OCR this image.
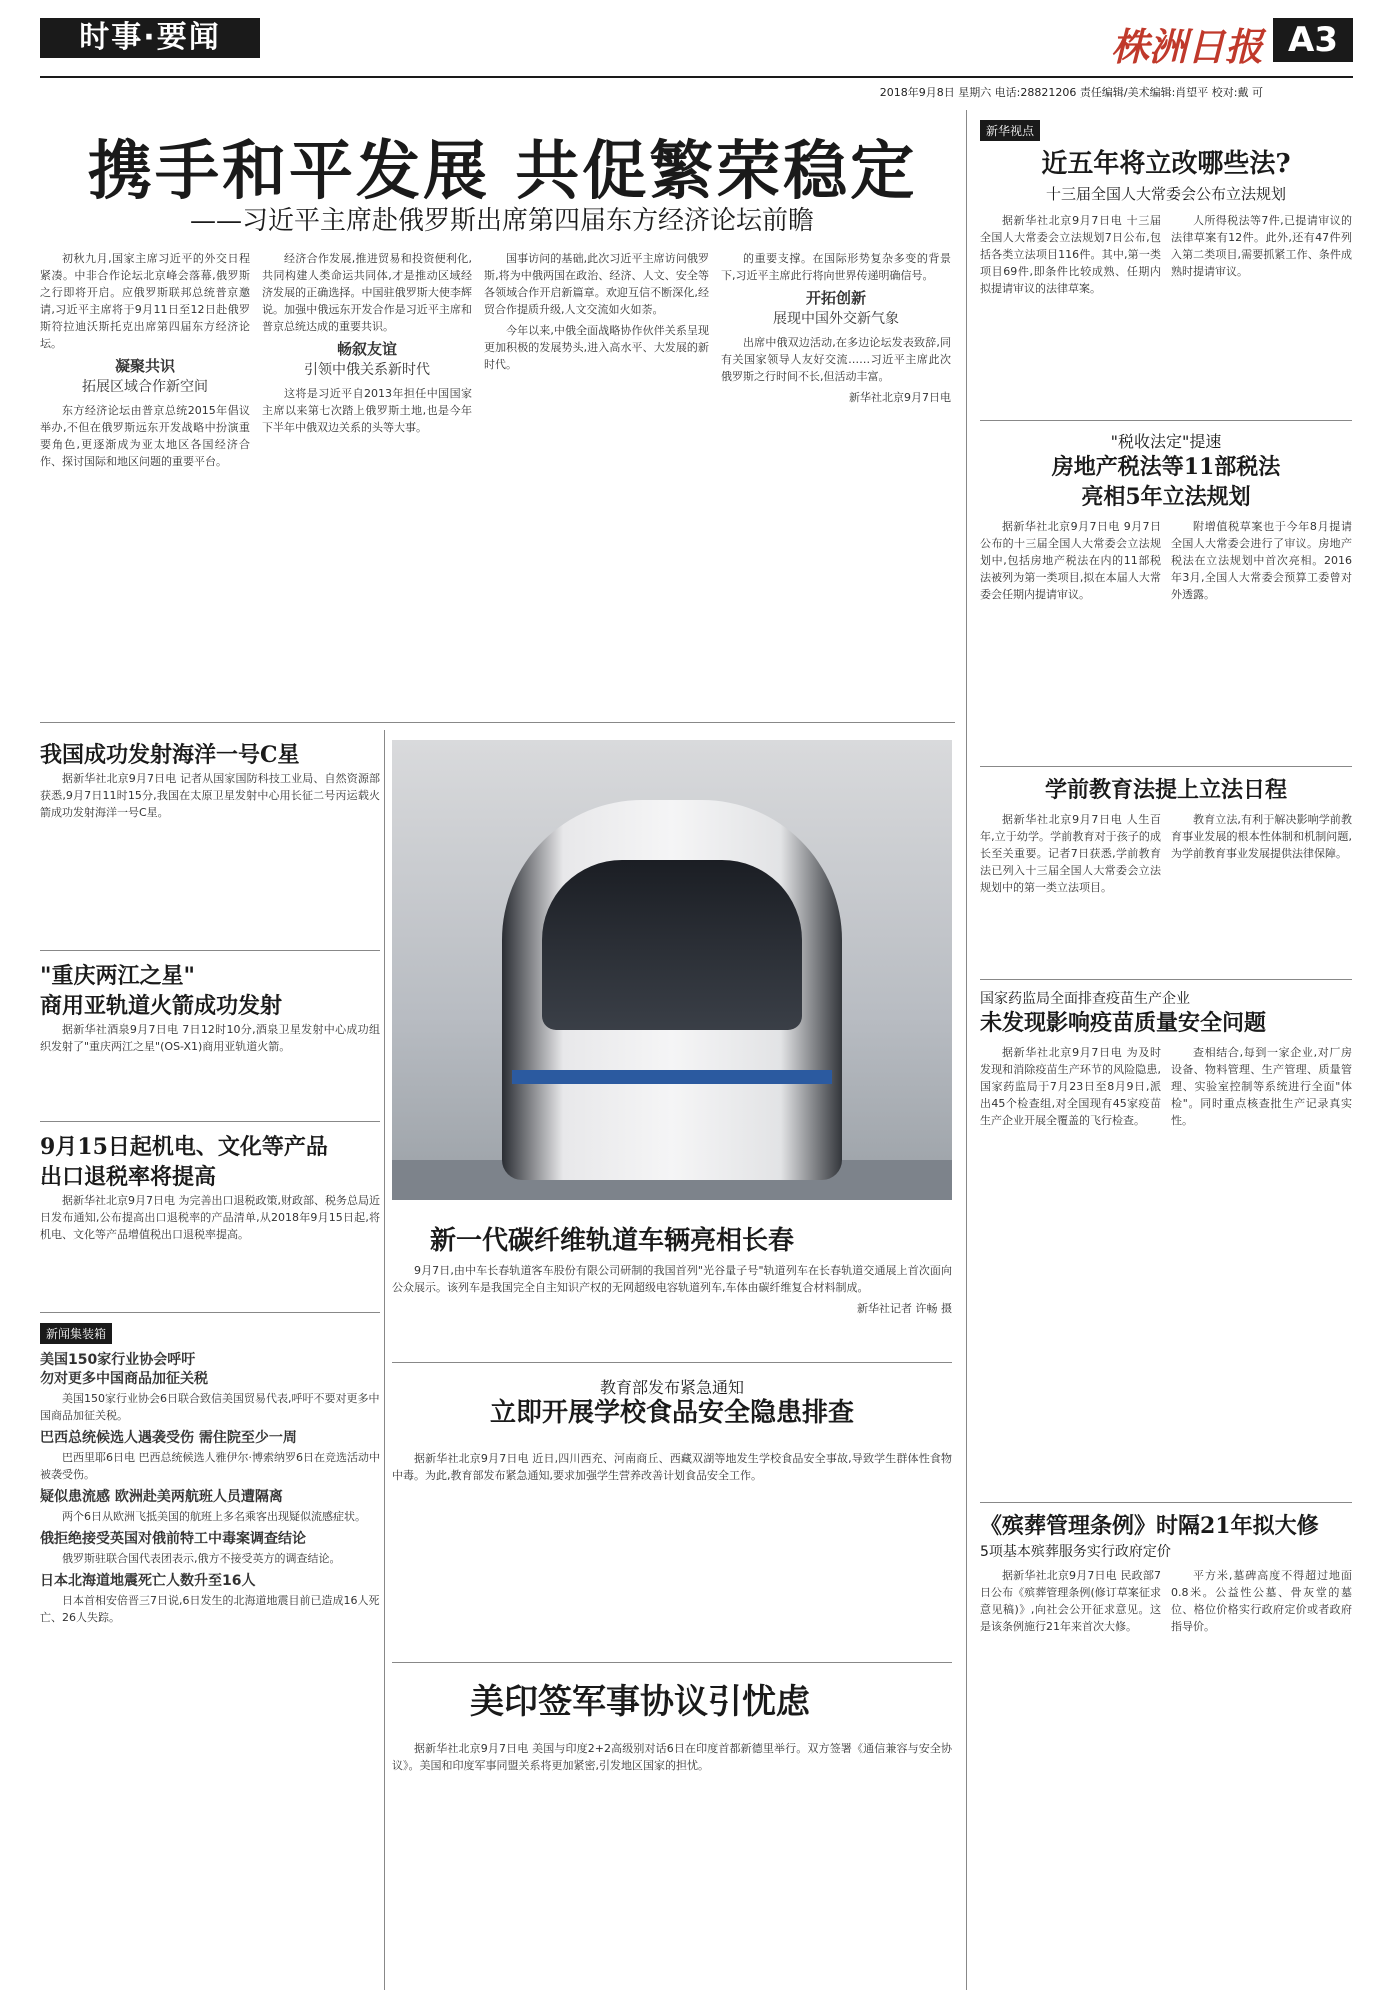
时事·要闻	株洲日报 A3
2018年9月8日 星期六 电话:28821206 责任编辑/美术编辑:肖望平 校对:戴 可
携手和平发展 共促繁荣稳定
——习近平主席赴俄罗斯出席第四届东方经济论坛前瞻

初秋九月,国家主席习近平的外交日程紧凑。中非合作论坛北京峰会落幕,俄罗斯之行即将开启。应俄罗斯联邦总统普京邀请,习近平主席将于9月11日至12日赴俄罗斯符拉迪沃斯托克出席第四届东方经济论坛。

凝聚共识
拓展区域合作新空间

东方经济论坛由普京总统2015年倡议举办,不但在俄罗斯远东开发战略中扮演重要角色,更逐渐成为亚太地区各国经济合作、探讨国际和地区问题的重要平台。

经济合作发展,推进贸易和投资便利化,共同构建人类命运共同体,才是推动区域经济发展的正确选择。中国驻俄罗斯大使李辉说。加强中俄远东开发合作是习近平主席和普京总统达成的重要共识。

畅叙友谊
引领中俄关系新时代

这将是习近平自2013年担任中国国家主席以来第七次踏上俄罗斯土地,也是今年下半年中俄双边关系的头等大事。

国事访问的基础,此次习近平主席访问俄罗斯,将为中俄两国在政治、经济、人文、安全等各领域合作开启新篇章。欢迎互信不断深化,经贸合作提质升级,人文交流如火如荼。

今年以来,中俄全面战略协作伙伴关系呈现更加积极的发展势头,进入高水平、大发展的新时代。

的重要支撑。在国际形势复杂多变的背景下,习近平主席此行将向世界传递明确信号。

开拓创新
展现中国外交新气象

出席中俄双边活动,在多边论坛发表致辞,同有关国家领导人友好交流……习近平主席此次俄罗斯之行时间不长,但活动丰富。

新华社北京9月7日电
新华视点
近五年将立改哪些法?
十三届全国人大常委会公布立法规划

据新华社北京9月7日电 十三届全国人大常委会立法规划7日公布,包括各类立法项目116件。其中,第一类项目69件,即条件比较成熟、任期内拟提请审议的法律草案。

人所得税法等7件,已提请审议的法律草案有12件。此外,还有47件列入第二类项目,需要抓紧工作、条件成熟时提请审议。

"税收法定"提速
房地产税法等11部税法
亮相5年立法规划

据新华社北京9月7日电 9月7日公布的十三届全国人大常委会立法规划中,包括房地产税法在内的11部税法被列为第一类项目,拟在本届人大常委会任期内提请审议。

附增值税草案也于今年8月提请全国人大常委会进行了审议。房地产税法在立法规划中首次亮相。2016年3月,全国人大常委会预算工委曾对外透露。

学前教育法提上立法日程

据新华社北京9月7日电 人生百年,立于幼学。学前教育对于孩子的成长至关重要。记者7日获悉,学前教育法已列入十三届全国人大常委会立法规划中的第一类立法项目。

教育立法,有利于解决影响学前教育事业发展的根本性体制和机制问题,为学前教育事业发展提供法律保障。

国家药监局全面排查疫苗生产企业
未发现影响疫苗质量安全问题

据新华社北京9月7日电 为及时发现和消除疫苗生产环节的风险隐患,国家药监局于7月23日至8月9日,派出45个检查组,对全国现有45家疫苗生产企业开展全覆盖的飞行检查。

查相结合,每到一家企业,对厂房设备、物料管理、生产管理、质量管理、实验室控制等系统进行全面"体检"。同时重点核查批生产记录真实性。

《殡葬管理条例》时隔21年拟大修
5项基本殡葬服务实行政府定价

据新华社北京9月7日电 民政部7日公布《殡葬管理条例(修订草案征求意见稿)》,向社会公开征求意见。这是该条例施行21年来首次大修。

平方米,墓碑高度不得超过地面0.8米。公益性公墓、骨灰堂的墓位、格位价格实行政府定价或者政府指导价。

我国成功发射海洋一号C星

据新华社北京9月7日电 记者从国家国防科技工业局、自然资源部获悉,9月7日11时15分,我国在太原卫星发射中心用长征二号丙运载火箭成功发射海洋一号C星。

"重庆两江之星"
商用亚轨道火箭成功发射

据新华社酒泉9月7日电 7日12时10分,酒泉卫星发射中心成功组织发射了"重庆两江之星"(OS-X1)商用亚轨道火箭。

9月15日起机电、文化等产品
出口退税率将提高

据新华社北京9月7日电 为完善出口退税政策,财政部、税务总局近日发布通知,公布提高出口退税率的产品清单,从2018年9月15日起,将机电、文化等产品增值税出口退税率提高。

新闻集装箱
美国150家行业协会呼吁
勿对更多中国商品加征关税

美国150家行业协会6日联合致信美国贸易代表,呼吁不要对更多中国商品加征关税。

巴西总统候选人遇袭受伤 需住院至少一周

巴西里耶6日电 巴西总统候选人雅伊尔·博索纳罗6日在竞选活动中被袭受伤。

疑似患流感 欧洲赴美两航班人员遭隔离

两个6日从欧洲飞抵美国的航班上多名乘客出现疑似流感症状。

俄拒绝接受英国对俄前特工中毒案调查结论

俄罗斯驻联合国代表团表示,俄方不接受英方的调查结论。

日本北海道地震死亡人数升至16人

日本首相安倍晋三7日说,6日发生的北海道地震目前已造成16人死亡、26人失踪。

新一代碳纤维轨道车辆亮相长春

9月7日,由中车长春轨道客车股份有限公司研制的我国首列"光谷量子号"轨道列车在长春轨道交通展上首次面向公众展示。该列车是我国完全自主知识产权的无网超级电容轨道列车,车体由碳纤维复合材料制成。

新华社记者 许畅 摄
教育部发布紧急通知
立即开展学校食品安全隐患排查

据新华社北京9月7日电 近日,四川西充、河南商丘、西藏双湖等地发生学校食品安全事故,导致学生群体性食物中毒。为此,教育部发布紧急通知,要求加强学生营养改善计划食品安全工作。

美印签军事协议引忧虑

据新华社北京9月7日电 美国与印度2+2高级别对话6日在印度首都新德里举行。双方签署《通信兼容与安全协议》。美国和印度军事同盟关系将更加紧密,引发地区国家的担忧。
